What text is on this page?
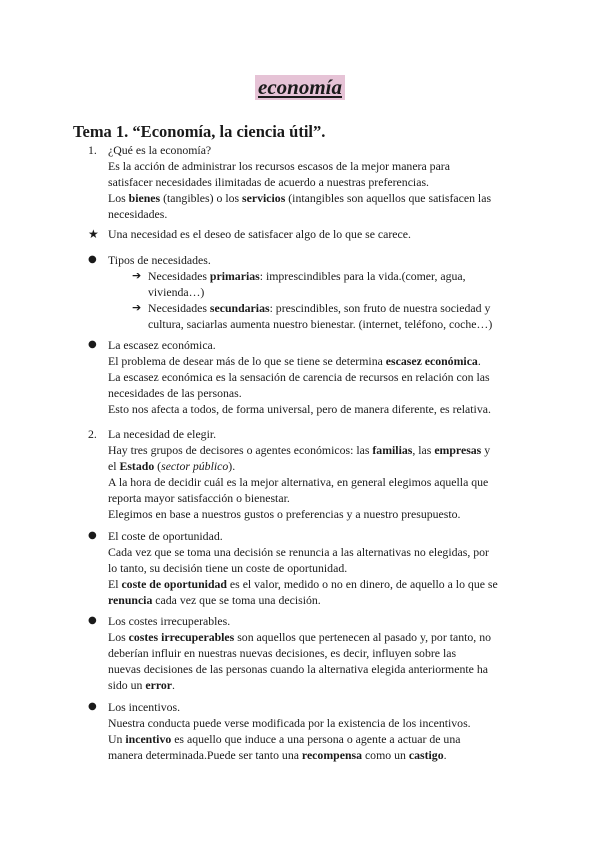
economía
Tema 1. “Economía, la ciencia útil”.
1. ¿Qué es la economía?

Es la acción de administrar los recursos escasos de la mejor manera para

satisfacer necesidades ilimitadas de acuerdo a nuestras preferencias.

Los bienes (tangibles) o los servicios (intangibles son aquellos que satisfacen las

necesidades.

★ Una necesidad es el deseo de satisfacer algo de lo que se carece.

● Tipos de necesidades.

➔ Necesidades primarias: imprescindibles para la vida.(comer, agua,

vivienda…)

➔ Necesidades secundarias: prescindibles, son fruto de nuestra sociedad y

cultura, saciarlas aumenta nuestro bienestar. (internet, teléfono, coche…)

● La escasez económica.

El problema de desear más de lo que se tiene se determina escasez económica.

La escasez económica es la sensación de carencia de recursos en relación con las

necesidades de las personas.

Esto nos afecta a todos, de forma universal, pero de manera diferente, es relativa.

2. La necesidad de elegir.

Hay tres grupos de decisores o agentes económicos: las familias, las empresas y

el Estado (sector público).

A la hora de decidir cuál es la mejor alternativa, en general elegimos aquella que

reporta mayor satisfacción o bienestar.

Elegimos en base a nuestros gustos o preferencias y a nuestro presupuesto.

● El coste de oportunidad.

Cada vez que se toma una decisión se renuncia a las alternativas no elegidas, por

lo tanto, su decisión tiene un coste de oportunidad.

El coste de oportunidad es el valor, medido o no en dinero, de aquello a lo que se

renuncia cada vez que se toma una decisión.

● Los costes irrecuperables.

Los costes irrecuperables son aquellos que pertenecen al pasado y, por tanto, no

deberían influir en nuestras nuevas decisiones, es decir, influyen sobre las

nuevas decisiones de las personas cuando la alternativa elegida anteriormente ha

sido un error.

● Los incentivos.

Nuestra conducta puede verse modificada por la existencia de los incentivos.

Un incentivo es aquello que induce a una persona o agente a actuar de una

manera determinada.Puede ser tanto una recompensa como un castigo.
